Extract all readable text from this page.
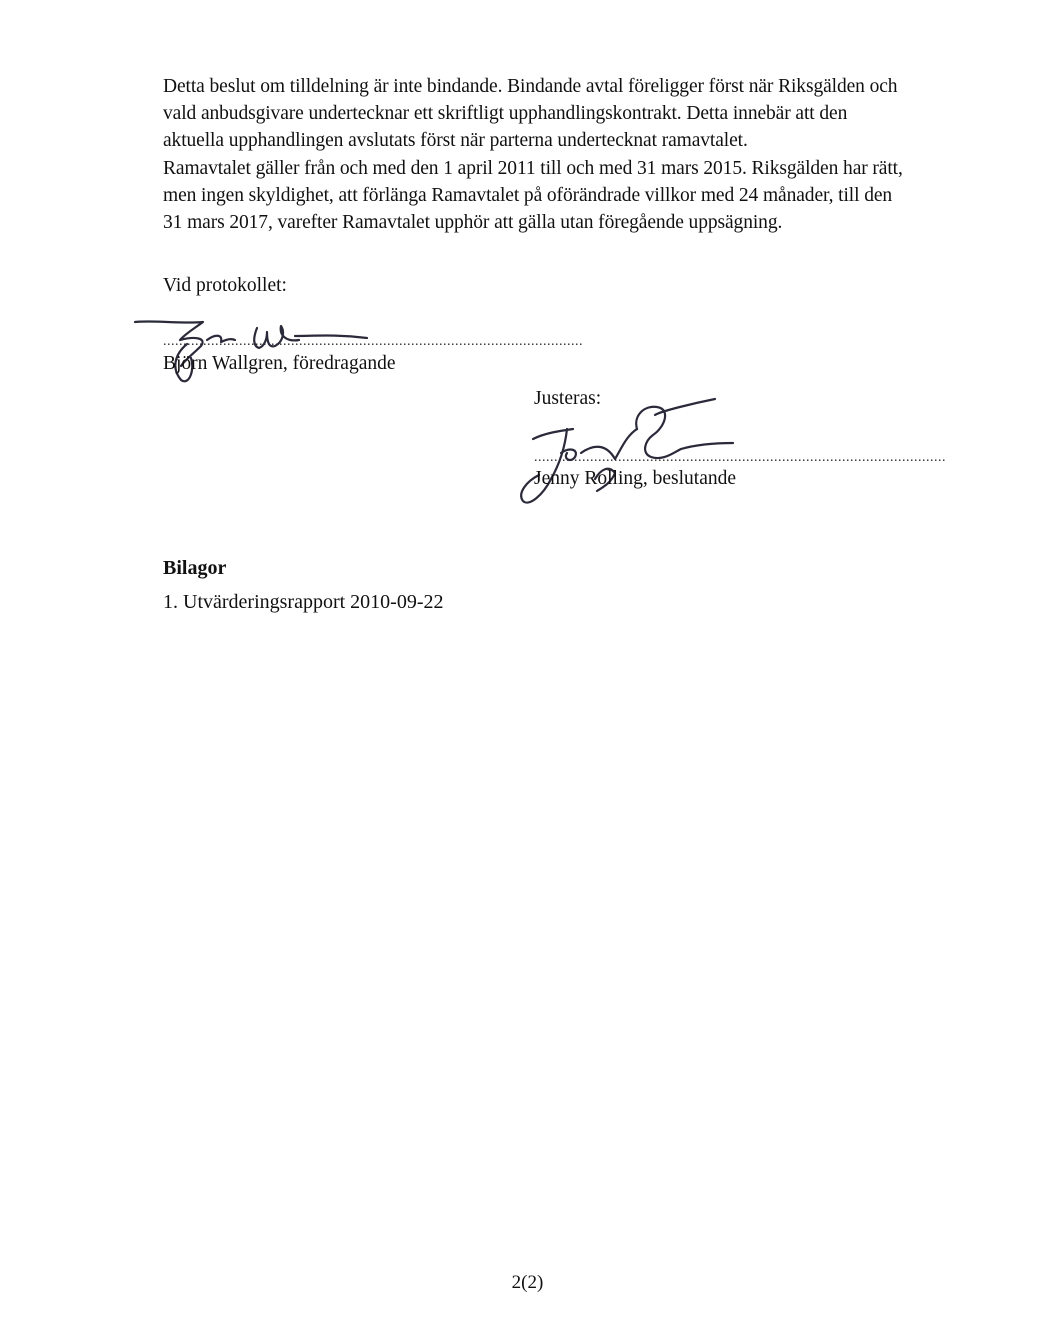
Detta beslut om tilldelning är inte bindande. Bindande avtal föreligger först när Riksgälden och vald anbudsgivare undertecknar ett skriftligt upphandlingskontrakt. Detta innebär att den aktuella upphandlingen avslutats först när parterna undertecknat ramavtalet.

Ramavtalet gäller från och med den 1 april 2011 till och med 31 mars 2015. Riksgälden har rätt, men ingen skyldighet, att förlänga Ramavtalet på oförändrade villkor med 24 månader, till den 31 mars 2017, varefter Ramavtalet upphör att gälla utan föregående uppsägning.

Vid protokollet:

.........................................................................................................

Björn Wallgren, föredragande

Justeras:

.......................................................................................................

Jenny Rolling, beslutande

Bilagor

1. Utvärderingsrapport 2010-09-22

2(2)
